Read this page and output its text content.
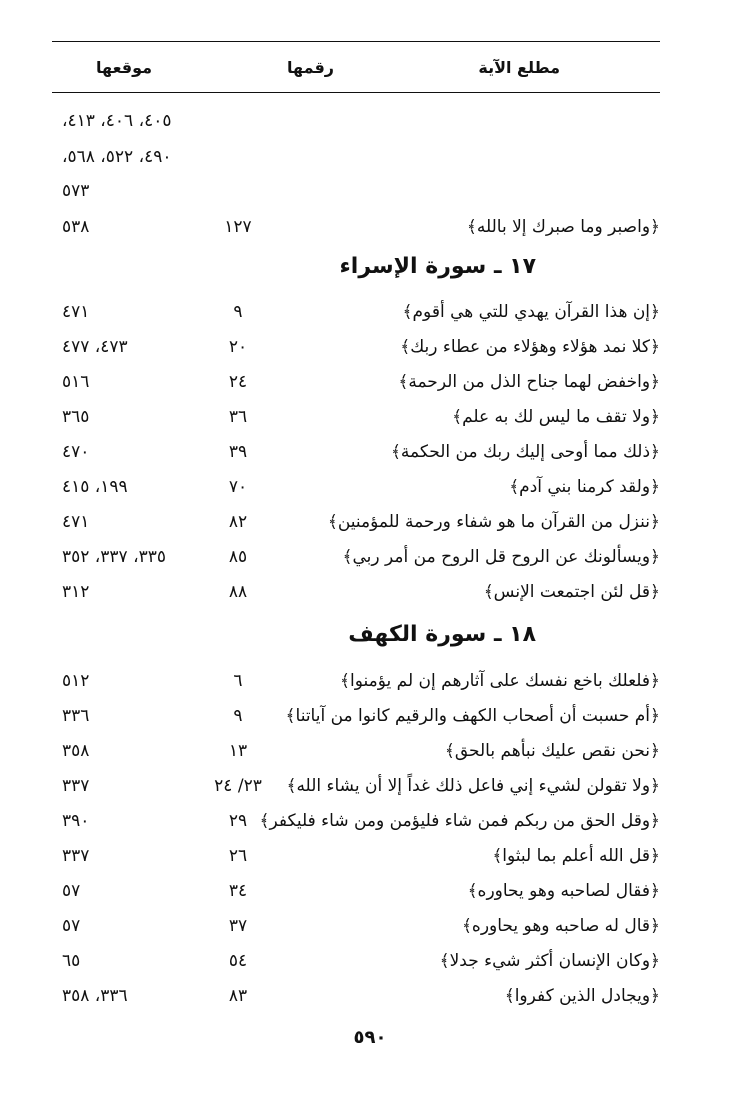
مطلع الآية
رقمها
موقعها
٤٠٥، ٤٠٦، ٤١٣،
٤٩٠، ٥٢٢، ٥٦٨،
٥٧٣
﴿واصبر وما صبرك إلا بالله﴾
١٢٧
٥٣٨
١٧ ـ سورة الإسراء
﴿إن هذا القرآن يهدي للتي هي أقوم﴾
٩
٤٧١
﴿كلا نمد هؤلاء وهؤلاء من عطاء ربك﴾
٢٠
٤٧٣، ٤٧٧
﴿واخفض لهما جناح الذل من الرحمة﴾
٢٤
٥١٦
﴿ولا تقف ما ليس لك به علم﴾
٣٦
٣٦٥
﴿ذلك مما أوحى إليك ربك من الحكمة﴾
٣٩
٤٧٠
﴿ولقد كرمنا بني آدم﴾
٧٠
١٩٩، ٤١٥
﴿ننزل من القرآن ما هو شفاء ورحمة للمؤمنين﴾
٨٢
٤٧١
﴿ويسألونك عن الروح قل الروح من أمر ربي﴾
٨٥
٣٣٥، ٣٣٧، ٣٥٢
﴿قل لئن اجتمعت الإنس﴾
٨٨
٣١٢
١٨ ـ سورة الكهف
﴿فلعلك باخع نفسك على آثارهم إن لم يؤمنوا﴾
٦
٥١٢
﴿أم حسبت أن أصحاب الكهف والرقيم كانوا من آياتنا﴾
٩
٣٣٦
﴿نحن نقص عليك نبأهم بالحق﴾
١٣
٣٥٨
﴿ولا تقولن لشيء إني فاعل ذلك غداً إلا أن يشاء الله﴾
٢٣/ ٢٤
٣٣٧
﴿وقل الحق من ربكم فمن شاء فليؤمن ومن شاء فليكفر﴾
٢٩
٣٩٠
﴿قل الله أعلم بما لبثوا﴾
٢٦
٣٣٧
﴿فقال لصاحبه وهو يحاوره﴾
٣٤
٥٧
﴿قال له صاحبه وهو يحاوره﴾
٣٧
٥٧
﴿وكان الإنسان أكثر شيء جدلا﴾
٥٤
٦٥
﴿ويجادل الذين كفروا﴾
٨٣
٣٣٦، ٣٥٨
٥٩٠
